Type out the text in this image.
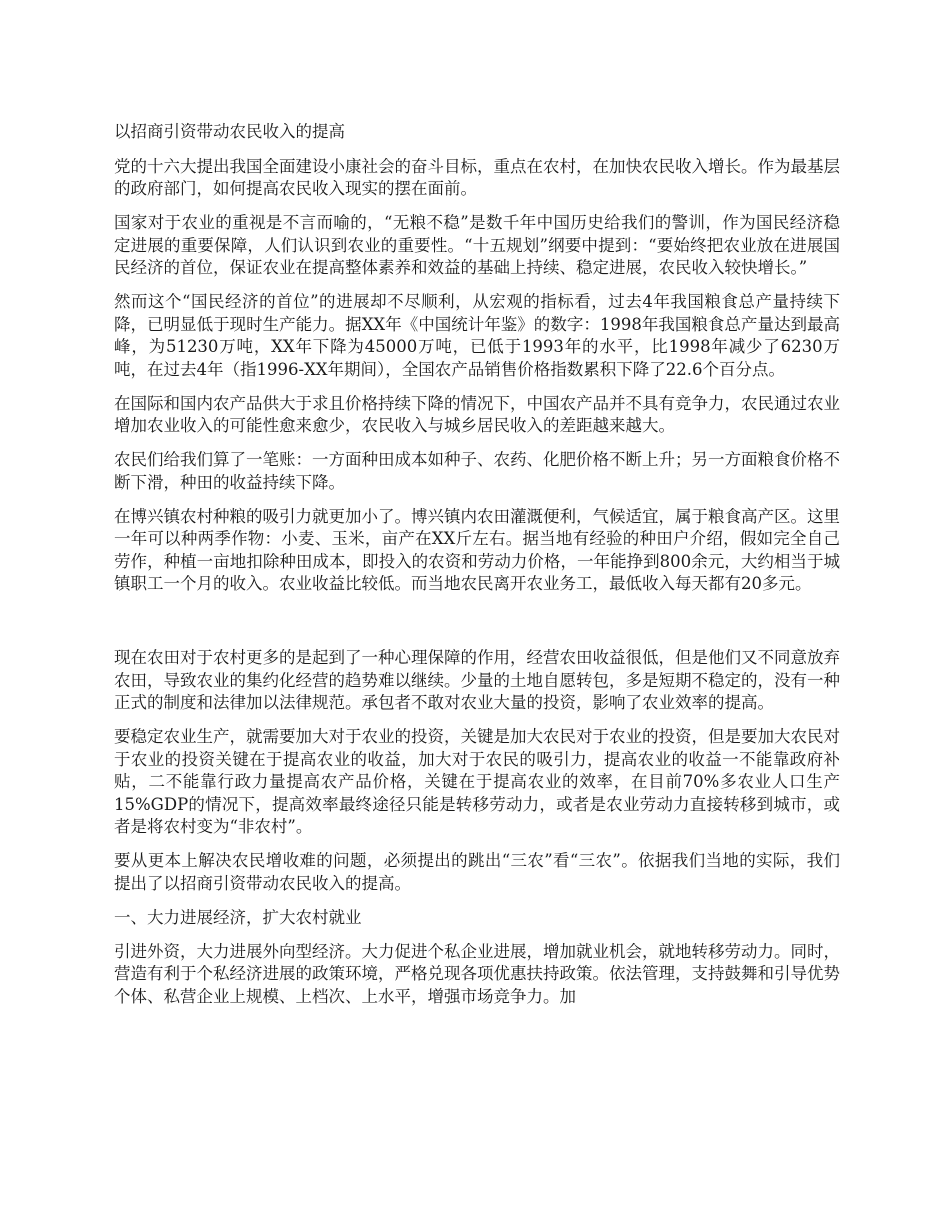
以招商引资带动农民收入的提高

党的十六大提出我国全面建设小康社会的奋斗目标，重点在农村，在加快农民收入增长。作为最基层的政府部门，如何提高农民收入现实的摆在面前。

国家对于农业的重视是不言而喻的，“无粮不稳”是数千年中国历史给我们的警训，作为国民经济稳定进展的重要保障，人们认识到农业的重要性。“十五规划”纲要中提到：“要始终把农业放在进展国民经济的首位，保证农业在提高整体素养和效益的基础上持续、稳定进展，农民收入较快增长。”

然而这个“国民经济的首位”的进展却不尽顺利，从宏观的指标看，过去4年我国粮食总产量持续下降，已明显低于现时生产能力。据XX年《中国统计年鉴》的数字：1998年我国粮食总产量达到最高峰，为51230万吨，XX年下降为45000万吨，已低于1993年的水平，比1998年减少了6230万吨，在过去4年（指1996-XX年期间），全国农产品销售价格指数累积下降了22.6个百分点。

在国际和国内农产品供大于求且价格持续下降的情况下，中国农产品并不具有竞争力，农民通过农业增加农业收入的可能性愈来愈少，农民收入与城乡居民收入的差距越来越大。

农民们给我们算了一笔账：一方面种田成本如种子、农药、化肥价格不断上升；另一方面粮食价格不断下滑，种田的收益持续下降。

在博兴镇农村种粮的吸引力就更加小了。博兴镇内农田灌溉便利，气候适宜，属于粮食高产区。这里一年可以种两季作物：小麦、玉米，亩产在XX斤左右。据当地有经验的种田户介绍，假如完全自己劳作，种植一亩地扣除种田成本，即投入的农资和劳动力价格，一年能挣到800余元，大约相当于城镇职工一个月的收入。农业收益比较低。而当地农民离开农业务工，最低收入每天都有20多元。

现在农田对于农村更多的是起到了一种心理保障的作用，经营农田收益很低，但是他们又不同意放弃农田，导致农业的集约化经营的趋势难以继续。少量的土地自愿转包，多是短期不稳定的，没有一种正式的制度和法律加以法律规范。承包者不敢对农业大量的投资，影响了农业效率的提高。

要稳定农业生产，就需要加大对于农业的投资，关键是加大农民对于农业的投资，但是要加大农民对于农业的投资关键在于提高农业的收益，加大对于农民的吸引力，提高农业的收益一不能靠政府补贴，二不能靠行政力量提高农产品价格，关键在于提高农业的效率，在目前70%多农业人口生产15%GDP的情况下，提高效率最终途径只能是转移劳动力，或者是农业劳动力直接转移到城市，或者是将农村变为“非农村”。

要从更本上解决农民增收难的问题，必须提出的跳出“三农”看“三农”。依据我们当地的实际，我们提出了以招商引资带动农民收入的提高。

一、大力进展经济，扩大农村就业

引进外资，大力进展外向型经济。大力促进个私企业进展，增加就业机会，就地转移劳动力。同时，营造有利于个私经济进展的政策环境，严格兑现各项优惠扶持政策。依法管理，支持鼓舞和引导优势个体、私营企业上规模、上档次、上水平，增强市场竞争力。加
